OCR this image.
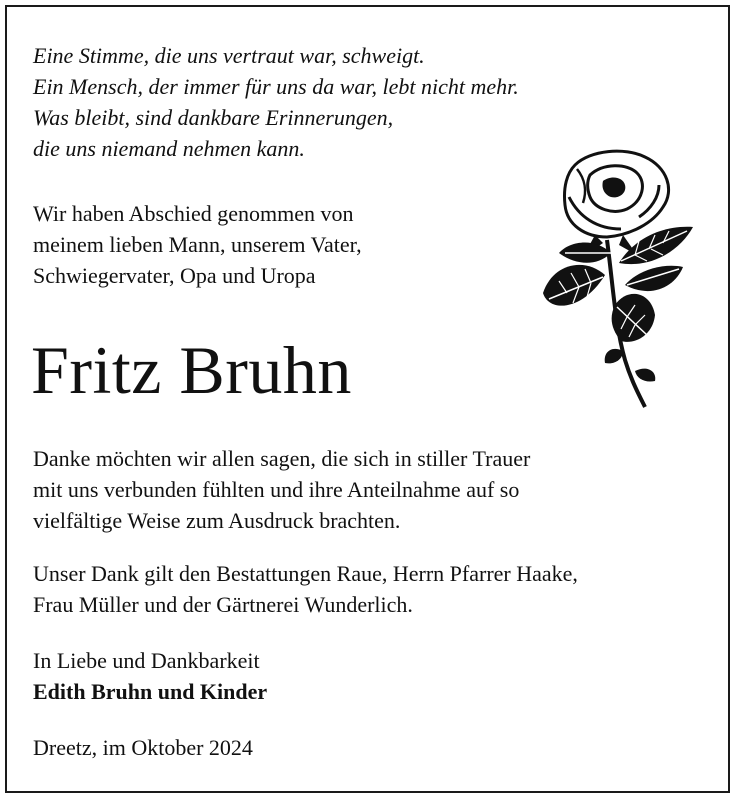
Eine Stimme, die uns vertraut war, schweigt.
Ein Mensch, der immer für uns da war, lebt nicht mehr.
Was bleibt, sind dankbare Erinnerungen,
die uns niemand nehmen kann.
Wir haben Abschied genommen von
meinem lieben Mann, unserem Vater,
Schwiegervater, Opa und Uropa
Fritz Bruhn
Danke möchten wir allen sagen, die sich in stiller Trauer
mit uns verbunden fühlten und ihre Anteilnahme auf so
vielfältige Weise zum Ausdruck brachten.
Unser Dank gilt den Bestattungen Raue, Herrn Pfarrer Haake,
Frau Müller und der Gärtnerei Wunderlich.
In Liebe und Dankbarkeit
Edith Bruhn und Kinder
Dreetz, im Oktober 2024
